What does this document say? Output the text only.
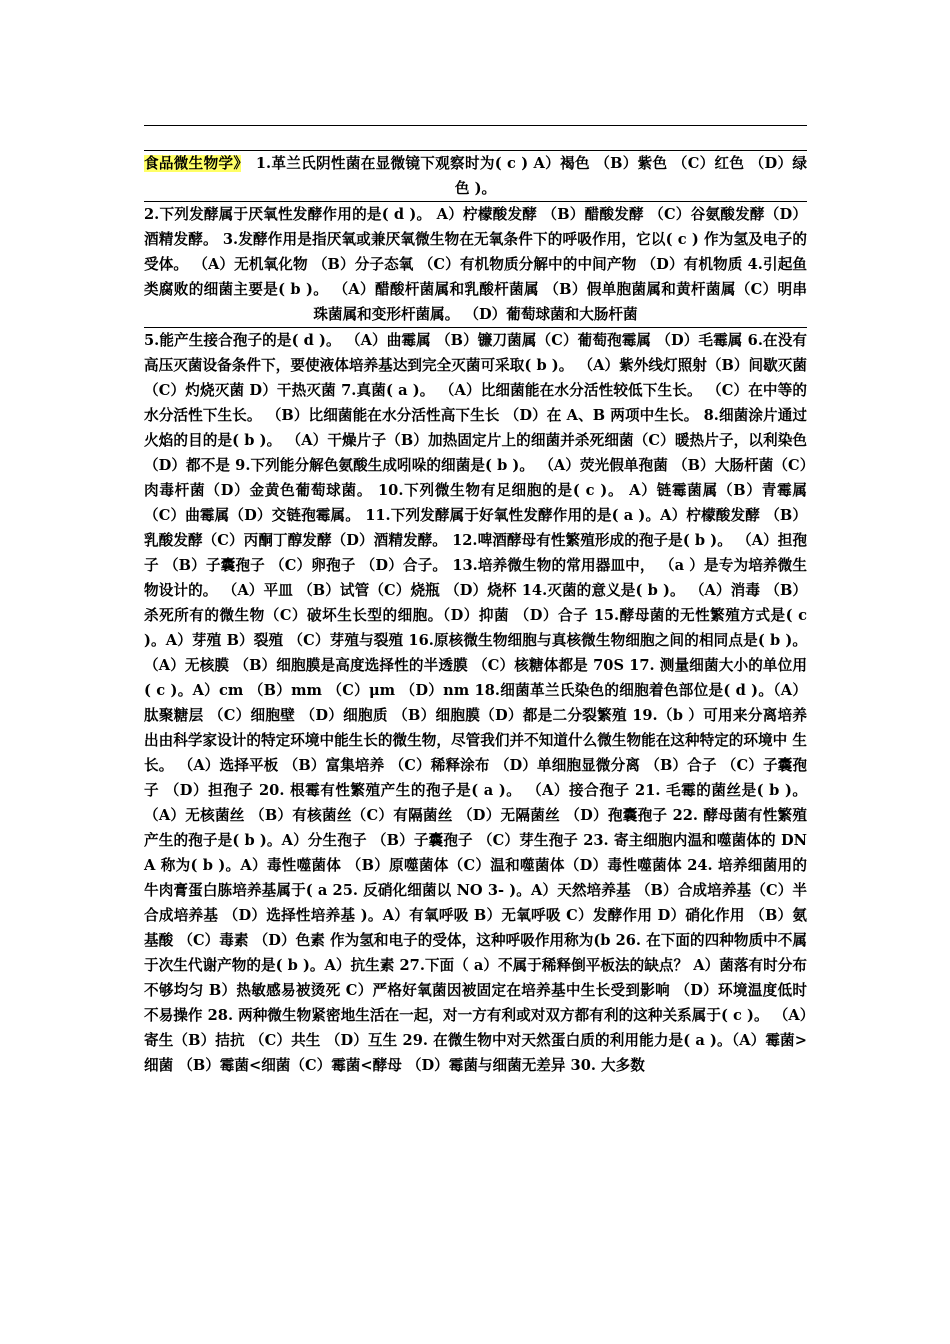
食品微生物学》　1.革兰氏阴性菌在显微镜下观察时为( c ) A）褐色 （B）紫色 （C）红色 （D）绿色 )。
2.下列发酵属于厌氧性发酵作用的是( d )。 A）柠檬酸发酵 （B）醋酸发酵 （C）谷氨酸发酵（D）酒精发酵。 3.发酵作用是指厌氧或兼厌氧微生物在无氧条件下的呼吸作用，它以( c ) 作为氢及电子的受体。 （A）无机氧化物 （B）分子态氧 （C）有机物质分解中的中间产物 （D）有机物质 4.引起鱼类腐败的细菌主要是( b )。 （A）醋酸杆菌属和乳酸杆菌属 （B）假单胞菌属和黄杆菌属（C）明串珠菌属和变形杆菌属。 （D）葡萄球菌和大肠杆菌
5.能产生接合孢子的是( d )。 （A）曲霉属 （B）镰刀菌属（C）葡萄孢霉属 （D）毛霉属 6.在没有高压灭菌设备条件下，要使液体培养基达到完全灭菌可采取( b )。 （A）紫外线灯照射（B）间歇灭菌（C）灼烧灭菌 D）干热灭菌 7.真菌( a )。 （A）比细菌能在水分活性较低下生长。 （C）在中等的水分活性下生长。 （B）比细菌能在水分活性高下生长 （D）在 A、B 两项中生长。 8.细菌涂片通过火焰的目的是( b )。 （A）干燥片子（B）加热固定片上的细菌并杀死细菌（C）暖热片子，以利染色（D）都不是 9.下列能分解色氨酸生成吲哚的细菌是( b )。 （A）荧光假单孢菌 （B）大肠杆菌（C）肉毒杆菌（D）金黄色葡萄球菌。 10.下列微生物有足细胞的是( c )。 A）链霉菌属（B）青霉属（C）曲霉属（D）交链孢霉属。 11.下列发酵属于好氧性发酵作用的是( a )。A）柠檬酸发酵 （B）乳酸发酵（C）丙酮丁醇发酵（D）酒精发酵。 12.啤酒酵母有性繁殖形成的孢子是( b )。 （A）担孢子 （B）子囊孢子 （C）卵孢子 （D）合子。 13.培养微生物的常用器皿中， （a ）是专为培养微生物设计的。 （A）平皿 （B）试管（C）烧瓶 （D）烧杯 14.灭菌的意义是( b )。 （A）消毒 （B）杀死所有的微生物（C）破坏生长型的细胞。（D）抑菌 （D）合子 15.酵母菌的无性繁殖方式是( c )。A）芽殖 B）裂殖 （C）芽殖与裂殖 16.原核微生物细胞与真核微生物细胞之间的相同点是( b )。 （A）无核膜 （B）细胞膜是高度选择性的半透膜 （C）核糖体都是 70S 17. 测量细菌大小的单位用( c )。A）cm （B）mm （C）μm （D）nm 18.细菌革兰氏染色的细胞着色部位是( d )。（A）肽聚糖层 （C）细胞壁 （D）细胞质 （B）细胞膜（D）都是二分裂繁殖 19.（b ）可用来分离培养出由科学家设计的特定环境中能生长的微生物，尽管我们并不知道什么微生物能在这种特定的环境中 生长。 （A）选择平板 （B）富集培养 （C）稀释涂布 （D）单细胞显微分离 （B）合子 （C）子囊孢子 （D）担孢子 20. 根霉有性繁殖产生的孢子是( a )。 （A）接合孢子 21. 毛霉的菌丝是( b )。 （A）无核菌丝 （B）有核菌丝（C）有隔菌丝 （D）无隔菌丝 （D）孢囊孢子 22. 酵母菌有性繁殖产生的孢子是( b )。A）分生孢子 （B）子囊孢子 （C）芽生孢子 23. 寄主细胞内温和噬菌体的 DNA 称为( b )。A）毒性噬菌体 （B）原噬菌体（C）温和噬菌体（D）毒性噬菌体 24. 培养细菌用的牛肉膏蛋白胨培养基属于( a 25. 反硝化细菌以 NO 3- )。A）天然培养基 （B）合成培养基（C）半合成培养基 （D）选择性培养基 )。A）有氧呼吸 B）无氧呼吸 C）发酵作用 D）硝化作用 （B）氨基酸 （C）毒素 （D）色素 作为氢和电子的受体，这种呼吸作用称为(b 26. 在下面的四种物质中不属于次生代谢产物的是( b )。A）抗生素 27.下面（ a）不属于稀释倒平板法的缺点？ A）菌落有时分布不够均匀 B）热敏感易被烫死 C）严格好氧菌因被固定在培养基中生长受到影响 （D）环境温度低时不易操作 28. 两种微生物紧密地生活在一起，对一方有利或对双方都有利的这种关系属于( c )。 （A）寄生（B）拮抗 （C）共生 （D）互生 29. 在微生物中对天然蛋白质的利用能力是( a )。（A）霉菌>细菌 （B）霉菌<细菌（C）霉菌<酵母 （D）霉菌与细菌无差异 30. 大多数
